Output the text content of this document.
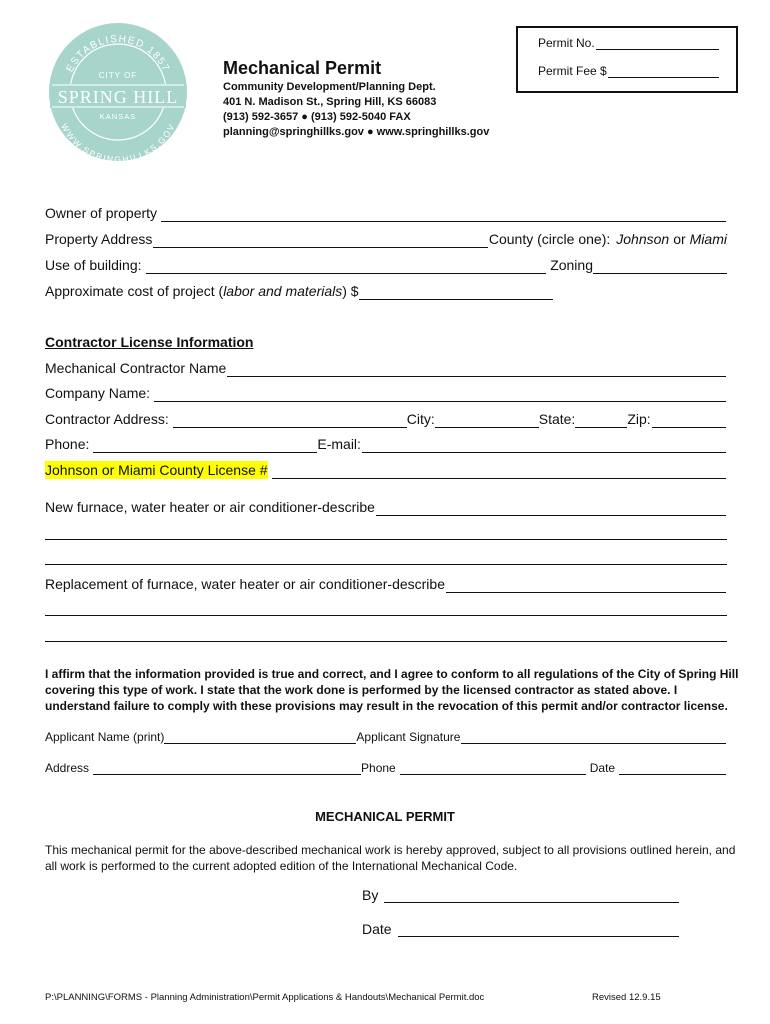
ESTABLISHED 1857
WWW.SPRINGHILLKS.GOV
CITY OF
SPRING HILL
KANSAS
Mechanical Permit
Community Development/Planning Dept.
401 N. Madison St., Spring Hill, KS 66083
(913) 592-3657 ● (913) 592-5040 FAX
planning@springhillks.gov ● www.springhillks.gov
Permit No.
Permit Fee $
Owner of property
Property Address	County (circle one): Johnson or Miami
Use of building:	Zoning
Approximate cost of project ( labor and materials ) $
Contractor License Information
Mechanical Contractor Name
Company Name:
Contractor Address:	City:	State:	Zip:
Phone:	E-mail:
Johnson or Miami County License #
New furnace, water heater or air conditioner-describe
Replacement of furnace, water heater or air conditioner-describe
I affirm that the information provided is true and correct, and I agree to conform to all regulations of the City of Spring Hill covering this type of work. I state that the work done is performed by the licensed contractor as stated above. I understand failure to comply with these provisions may result in the revocation of this permit and/or contractor license.
Applicant Name (print)	Applicant Signature
Address	Phone	Date
MECHANICAL PERMIT
This mechanical permit for the above-described mechanical work is hereby approved, subject to all provisions outlined herein, and all work is performed to the current adopted edition of the International Mechanical Code.
By
Date
P:\PLANNING\FORMS - Planning Administration\Permit Applications & Handouts\Mechanical Permit.doc	Revised 12.9.15
